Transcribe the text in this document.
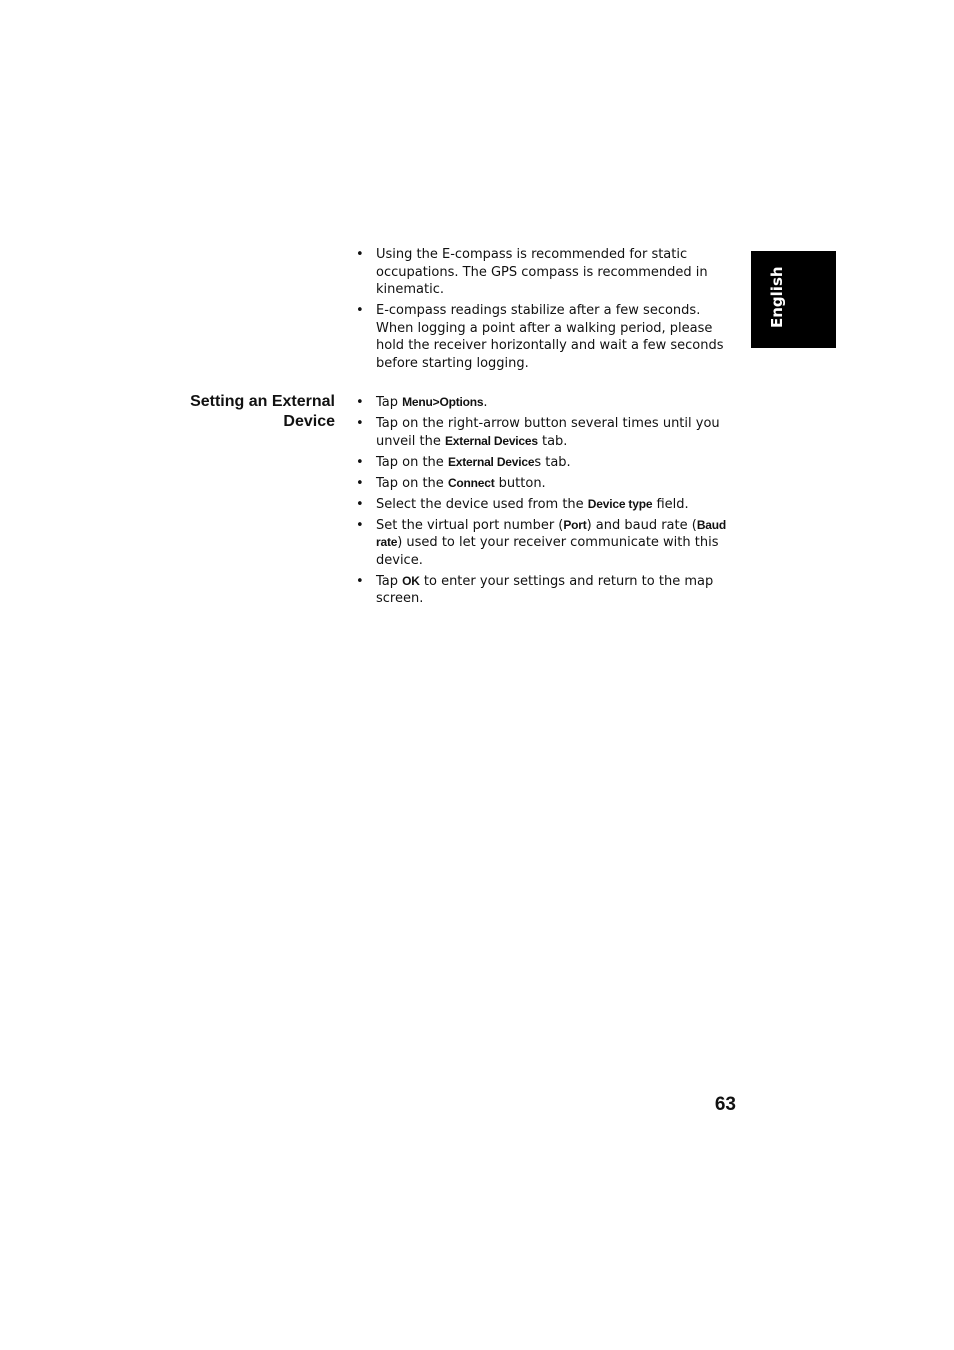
English
• Using the E-compass is recommended for static occupations. The GPS compass is recommended in kinematic.
• E-compass readings stabilize after a few seconds. When logging a point after a walking period, please hold the receiver horizontally and wait a few seconds before starting logging.
Setting an External
Device
• Tap Menu>Options.
• Tap on the right-arrow button several times until you unveil the External Devices tab.
• Tap on the External Devices tab.
• Tap on the Connect button.
• Select the device used from the Device type field.
• Set the virtual port number (Port) and baud rate (Baud rate) used to let your receiver communicate with this device.
• Tap OK to enter your settings and return to the map screen.
63
